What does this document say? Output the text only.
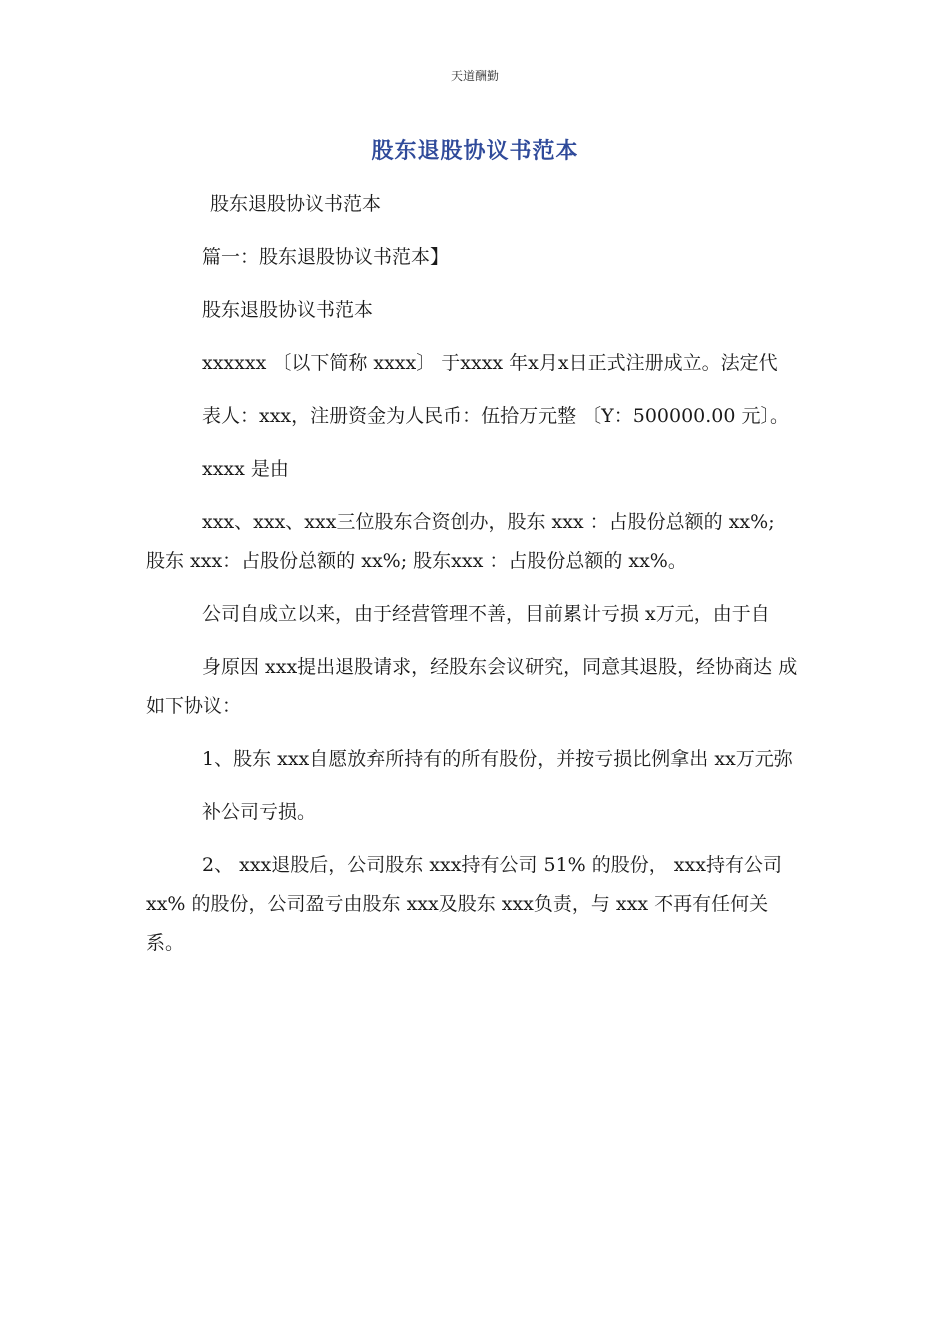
天道酬勤
股东退股协议书范本

股东退股协议书范本

篇一：股东退股协议书范本】

股东退股协议书范本

xxxxxx 〔以下简称 xxxx〕 于xxxx 年x月x日正式注册成立。法定代

表人：xxx，注册资金为人民币：伍拾万元整 〔Y：500000.00 元〕。

xxxx 是由

xxx、xxx、xxx三位股东合资创办，股东 xxx ：占股份总额的 xx%; 股东 xxx：占股份总额的 xx%; 股东xxx ：占股份总额的 xx%。

公司自成立以来，由于经营管理不善，目前累计亏损 x万元，由于自

身原因 xxx提出退股请求，经股东会议研究，同意其退股，经协商达 成如下协议：

1、股东 xxx自愿放弃所持有的所有股份，并按亏损比例拿出 xx万元弥

补公司亏损。

2、 xxx退股后，公司股东 xxx持有公司 51% 的股份， xxx持有公司 xx% 的股份，公司盈亏由股东 xxx及股东 xxx负责，与 xxx 不再有任何关系。
